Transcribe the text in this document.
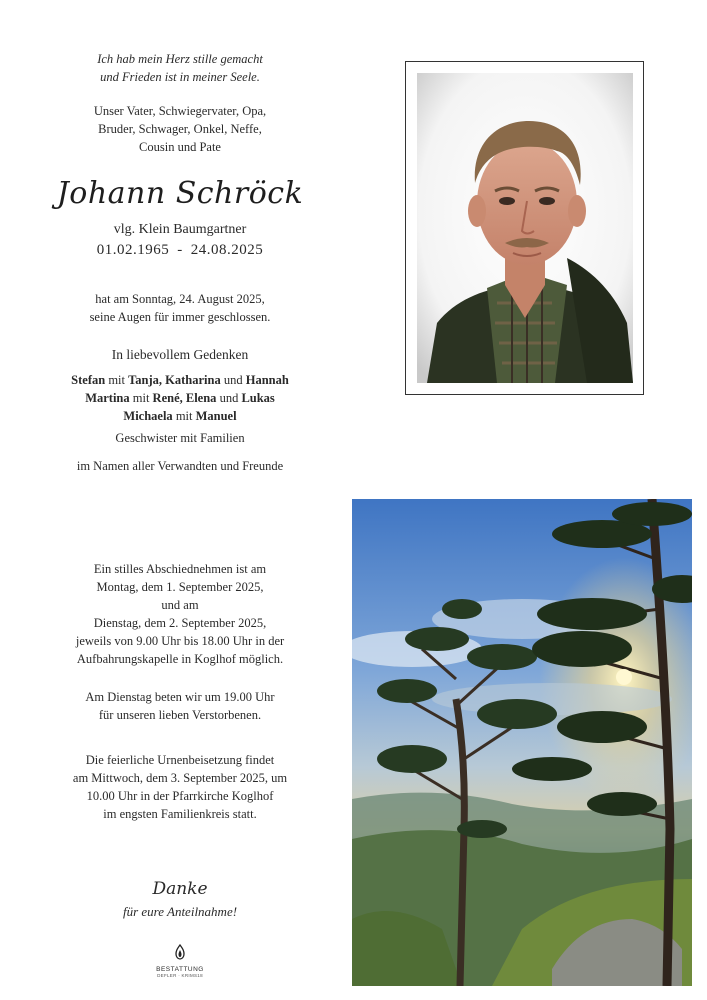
Ich hab mein Herz stille gemacht
und Frieden ist in meiner Seele.
Unser Vater, Schwiegervater, Opa,
Bruder, Schwager, Onkel, Neffe,
Cousin und Pate
Johann Schröck
vlg. Klein Baumgartner
01.02.1965 - 24.08.2025
hat am Sonntag, 24. August 2025,
seine Augen für immer geschlossen.
In liebevollem Gedenken
Stefan mit Tanja, Katharina und Hannah
Martina mit René, Elena und Lukas
Michaela mit Manuel
Geschwister mit Familien
im Namen aller Verwandten und Freunde
Ein stilles Abschiednehmen ist am
Montag, dem 1. September 2025,
und am
Dienstag, dem 2. September 2025,
jeweils von 9.00 Uhr bis 18.00 Uhr in der
Aufbahrungskapelle in Koglhof möglich.
Am Dienstag beten wir um 19.00 Uhr
für unseren lieben Verstorbenen.
Die feierliche Urnenbeisetzung findet
am Mittwoch, dem 3. September 2025, um
10.00 Uhr in der Pfarrkirche Koglhof
im engsten Familienkreis statt.
Danke
für eure Anteilnahme!
BESTATTUNG
DEFLER · KRIMS18
